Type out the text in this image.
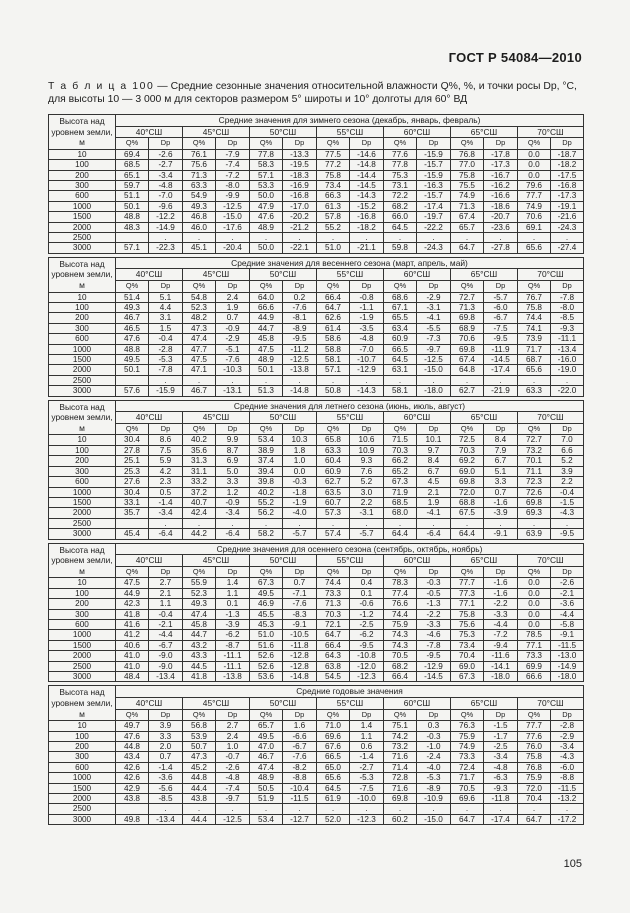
ГОСТ Р 54084—2010
Т а б л и ц а 100 — Средние сезонные значения относительной влажности Q%, %, и точки росы Dр, °С, для высоты 10 — 3 000 м для секторов размером 5° широты и 10° долготы для 60° ВД
Высота над уровнем земли, м	Средние значения для зимнего сезона (декабрь, январь, февраль)													
	40°СШ		45°СШ		50°СШ		55°СШ		60°СШ		65°СШ		70°СШ	
	Q%	Dр	Q%	Dр	Q%	Dр	Q%	Dр	Q%	Dр	Q%	Dр	Q%	Dр
10	69.4	-2.6	76.1	-7.9	77.8	-13.3	77.5	-14.6	77.6	-15.9	76.8	-17.8	0.0	-18.7
100	68.5	-2.7	75.6	-7.4	58.3	-19.5	77.2	-14.8	77.8	-15.7	77.0	-17.3	0.0	-18.2
200	65.1	-3.4	71.3	-7.2	57.1	-18.3	75.8	-14.4	75.3	-15.9	75.8	-16.7	0.0	-17.5
300	59.7	-4.8	63.3	-8.0	53.3	-16.9	73.4	-14.5	73.1	-16.3	75.5	-16.2	79.6	-16.8
600	51.1	-7.0	54.9	-9.9	50.0	-16.8	66.3	-14.3	72.2	-15.7	74.9	-16.6	77.7	-17.3
1000	50.1	-9.6	49.3	-12.5	47.9	-17.0	61.3	-15.2	68.2	-17.4	71.3	-18.6	74.9	-19.1
1500	48.8	-12.2	46.8	-15.0	47.6	-20.2	57.8	-16.8	66.0	-19.7	67.4	-20.7	70.6	-21.6
2000	48.3	-14.9	46.0	-17.6	48.9	-21.2	55.2	-18.2	64.5	-22.2	65.7	-23.6	69.1	-24.3
2500		.	.	.	.	.	.	.	.	.	.	.	.	.
3000	57.1	-22.3	45.1	-20.4	50.0	-22.1	51.0	-21.1	59.8	-24.3	64.7	-27.8	65.6	-27.4

Высота над уровнем земли, м	Средние значения для весеннего сезона (март, апрель, май)													
	40°СШ		45°СШ		50°СШ		55°СШ		60°СШ		65°СШ		70°СШ	
	Q%	Dр	Q%	Dр	Q%	Dр	Q%	Dр	Q%	Dр	Q%	Dр	Q%	Dр
10	51.4	5.1	54.8	2.4	64.0	0.2	66.4	-0.8	68.6	-2.9	72.7	-5.7	76.7	-7.8
100	49.3	4.4	52.3	1.9	66.6	-7.6	64.7	-1.1	67.1	-3.1	71.3	-6.0	75.8	-8.0
200	46.7	3.1	48.2	0.7	44.9	-8.1	62.6	-1.9	65.5	-4.1	69.8	-6.7	74.4	-8.5
300	46.5	1.5	47.3	-0.9	44.7	-8.9	61.4	-3.5	63.4	-5.5	68.9	-7.5	74.1	-9.3
600	47.6	-0.4	47.4	-2.9	45.8	-9.5	58.6	-4.8	60.9	-7.3	70.6	-9.5	73.9	-11.1
1000	48.8	-2.8	47.7	-5.1	47.5	-11.2	58.8	-7.0	66.5	-9.7	69.8	-11.9	71.7	-13.4
1500	49.5	-5.3	47.5	-7.6	48.9	-12.5	58.1	-10.7	64.5	-12.5	67.4	-14.5	68.7	-16.0
2000	50.1	-7.8	47.1	-10.3	50.1	-13.8	57.1	-12.9	63.1	-15.0	64.8	-17.4	65.6	-19.0
2500		.	.	.	.	.	.	.	.	.	.	.	.	.
3000	57.6	-15.9	46.7	-13.1	51.3	-14.8	50.8	-14.3	58.1	-18.0	62.7	-21.9	63.3	-22.0

Высота над уровнем земли, м	Средние значения для летнего сезона (июнь, июль, август)													
	40°СШ		45°СШ		50°СШ		55°СШ		60°СШ		65°СШ		70°СШ	
	Q%	Dр	Q%	Dр	Q%	Dр	Q%	Dр	Q%	Dр	Q%	Dр	Q%	Dр
10	30.4	8.6	40.2	9.9	53.4	10.3	65.8	10.6	71.5	10.1	72.5	8.4	72.7	7.0
100	27.8	7.5	35.6	8.7	38.9	1.8	63.3	10.9	70.3	9.7	70.3	7.9	73.2	6.6
200	25.1	5.9	31.3	6.9	37.4	1.0	60.4	9.3	66.2	8.4	69.2	6.7	70.1	5.2
300	25.3	4.2	31.1	5.0	39.4	0.0	60.9	7.6	65.2	6.7	69.0	5.1	71.1	3.9
600	27.6	2.3	33.2	3.3	39.8	-0.3	62.7	5.2	67.3	4.5	69.8	3.3	72.3	2.2
1000	30.4	0.5	37.2	1.2	40.2	-1.8	63.5	3.0	71.9	2.1	72.0	0.7	72.6	-0.4
1500	33.1	-1.4	40.7	-0.9	55.2	-1.9	60.7	2.2	68.5	1.9	68.8	-1.6	69.8	-1.5
2000	35.7	-3.4	42.4	-3.4	56.2	-4.0	57.3	-3.1	68.0	-4.1	67.5	-3.9	69.3	-4.3
2500		.	.	.	.	.	.	.	.	.	.	.	.	.
3000	45.4	-6.4	44.2	-6.4	58.2	-5.7	57.4	-5.7	64.4	-6.4	64.4	-9.1	63.9	-9.5

Высота над уровнем земли, м	Средние значения для осеннего сезона (сентябрь, октябрь, ноябрь)													
	40°СШ		45°СШ		50°СШ		55°СШ		60°СШ		65°СШ		70°СШ	
	Q%	Dр	Q%	Dр	Q%	Dр	Q%	Dр	Q%	Dр	Q%	Dр	Q%	Dр
10	47.5	2.7	55.9	1.4	67.3	0.7	74.4	0.4	78.3	-0.3	77.7	-1.6	0.0	-2.6
100	44.9	2.1	52.3	1.1	49.5	-7.1	73.3	0.1	77.4	-0.5	77.3	-1.6	0.0	-2.1
200	42.3	1.1	49.3	0.1	46.9	-7.6	71.3	-0.6	76.6	-1.3	77.1	-2.2	0.0	-3.6
300	41.8	-0.4	47.4	-1.3	45.5	-8.3	70.3	-1.2	74.4	-2.2	75.8	-3.3	0.0	-4.4
600	41.6	-2.1	45.8	-3.9	45.3	-9.1	72.1	-2.5	75.9	-3.3	75.6	-4.4	0.0	-5.8
1000	41.2	-4.4	44.7	-6.2	51.0	-10.5	64.7	-6.2	74.3	-4.6	75.3	-7.2	78.5	-9.1
1500	40.6	-6.7	43.2	-8.7	51.6	-11.8	66.4	-9.5	74.3	-7.8	73.4	-9.4	77.1	-11.5
2000	41.0	-9.0	43.3	-11.1	52.6	-12.8	64.3	-10.8	70.5	-9.5	70.4	-11.6	73.3	-13.0
2500	41.0	-9.0	44.5	-11.1	52.6	-12.8	63.8	-12.0	68.2	-12.9	69.0	-14.1	69.9	-14.9
3000	48.4	-13.4	41.8	-13.8	53.6	-14.8	54.5	-12.3	66.4	-14.5	67.3	-18.0	66.6	-18.0

Высота над уровнем земли, м	Средние годовые значения													
	40°СШ		45°СШ		50°СШ		55°СШ		60°СШ		65°СШ		70°СШ	
	Q%	Dр	Q%	Dр	Q%	Dр	Q%	Dр	Q%	Dр	Q%	Dр	Q%	Dр
10	49.7	3.9	56.8	2.7	65.7	1.6	71.0	1.4	75.1	0.3	76.3	-1.5	77.7	-2.8
100	47.6	3.3	53.9	2.4	49.5	-6.6	69.6	1.1	74.2	-0.3	75.9	-1.7	77.6	-2.9
200	44.8	2.0	50.7	1.0	47.0	-6.7	67.6	0.6	73.2	-1.0	74.9	-2.5	76.0	-3.4
300	43.4	0.7	47.3	-0.7	46.7	-7.6	66.5	-1.4	71.6	-2.4	73.3	-3.4	75.8	-4.3
600	42.6	-1.4	45.2	-2.6	47.4	-8.2	65.0	-2.7	71.4	-4.0	72.4	-4.8	76.8	-6.0
1000	42.6	-3.6	44.8	-4.8	48.9	-8.8	65.6	-5.3	72.8	-5.3	71.7	-6.3	75.9	-8.8
1500	42.9	-5.6	44.4	-7.4	50.5	-10.4	64.5	-7.5	71.6	-8.9	70.5	-9.3	72.0	-11.5
2000	43.8	-8.5	43.8	-9.7	51.9	-11.5	61.9	-10.0	69.8	-10.9	69.6	-11.8	70.4	-13.2
2500		.	.	.	.	.	.	.	.	.	.	.	.	.
3000	49.8	-13.4	44.4	-12.5	53.4	-12.7	52.0	-12.3	60.2	-15.0	64.7	-17.4	64.7	-17.2
105
